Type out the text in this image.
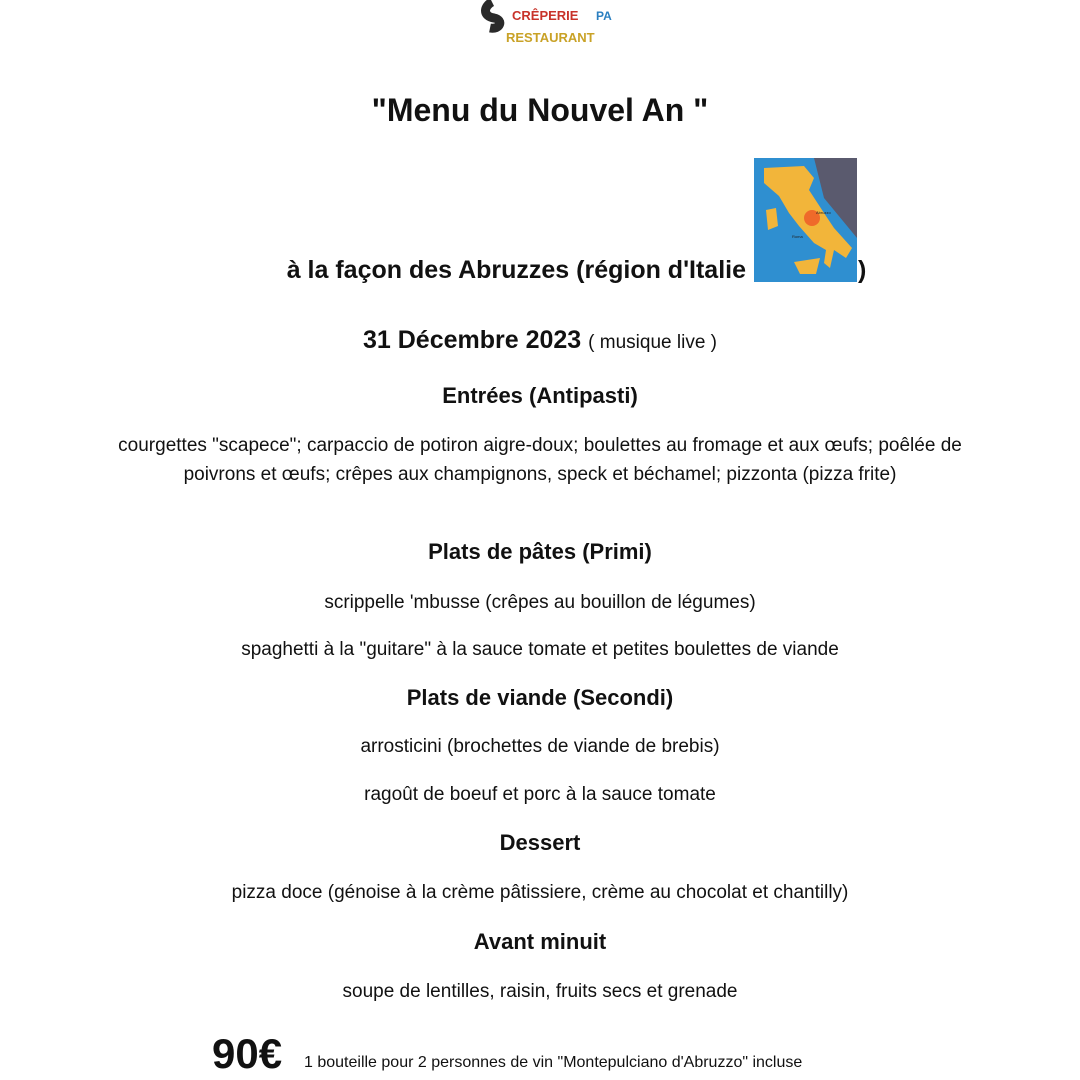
CRÊPERIE PA
RESTAURANT
"Menu du Nouvel An "
à la façon des Abruzzes (région d'Italie	)
Abruzzo
Roma
31 Décembre 2023 ( musique live )
Entrées (Antipasti)
courgettes "scapece"; carpaccio de potiron aigre-doux; boulettes au fromage et aux œufs; poêlée de poivrons et œufs; crêpes aux champignons, speck et béchamel; pizzonta (pizza frite)
Plats de pâtes (Primi)
scrippelle 'mbusse (crêpes au bouillon de légumes)
spaghetti à la "guitare" à la sauce tomate et petites boulettes de viande
Plats de viande (Secondi)
arrosticini (brochettes de viande de brebis)
ragoût de boeuf et porc à la sauce tomate
Dessert
pizza doce (génoise à la crème pâtissiere, crème au chocolat et chantilly)
Avant minuit
soupe de lentilles, raisin, fruits secs et grenade
90€ 1 bouteille pour 2 personnes de vin "Montepulciano d'Abruzzo" incluse
